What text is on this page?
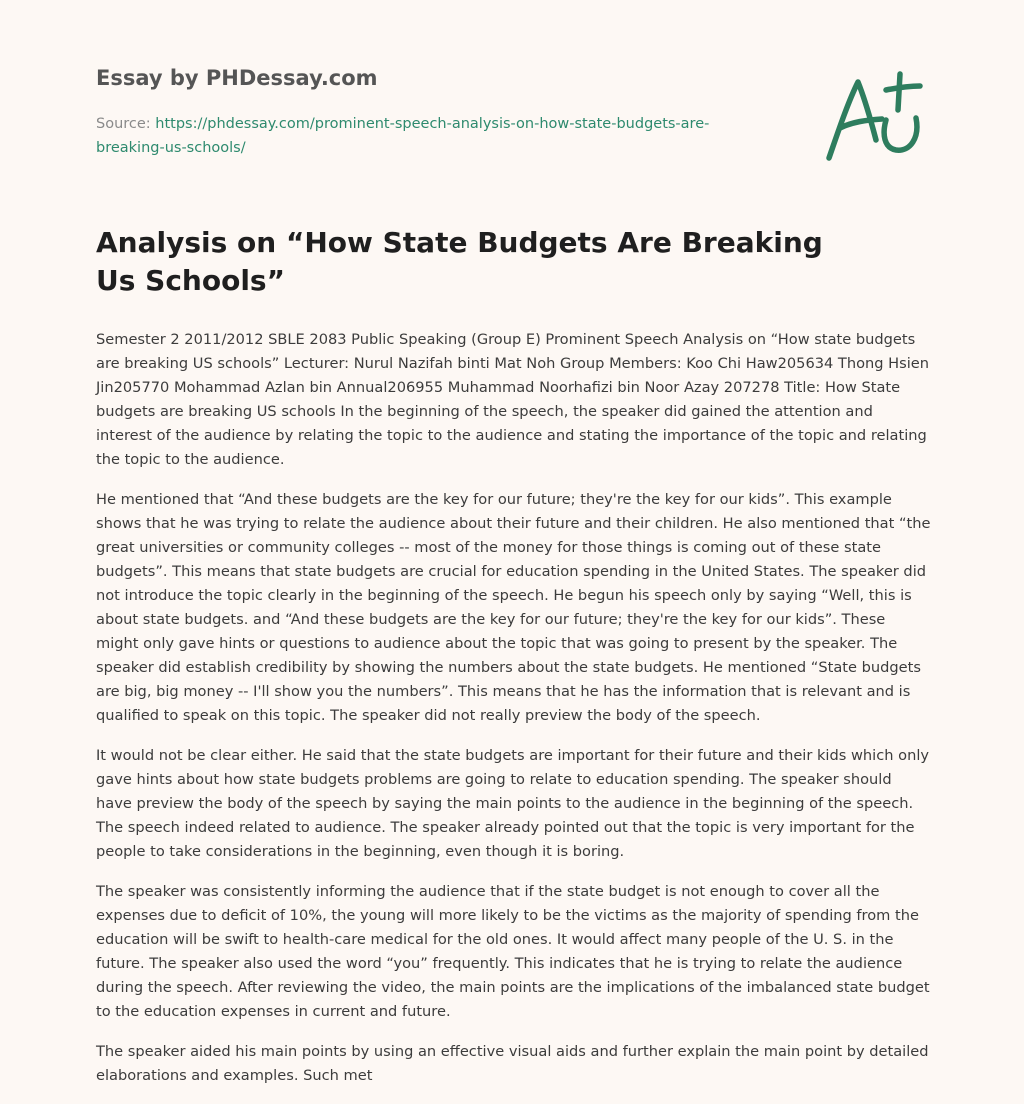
Essay by PHDessay.com
Source: https://phdessay.com/prominent-speech-analysis-on-how-state-budgets-are-breaking-us-schools/
Analysis on “How State Budgets Are Breaking Us Schools”

Semester 2 2011/2012 SBLE 2083 Public Speaking (Group E) Prominent Speech Analysis on “How state budgets are breaking US schools” Lecturer: Nurul Nazifah binti Mat Noh Group Members: Koo Chi Haw205634 Thong Hsien Jin205770 Mohammad Azlan bin Annual206955 Muhammad Noorhafizi bin Noor Azay 207278 Title: How State budgets are breaking US schools In the beginning of the speech, the speaker did gained the attention and interest of the audience by relating the topic to the audience and stating the importance of the topic and relating the topic to the audience.

He mentioned that “And these budgets are the key for our future; they're the key for our kids”. This example shows that he was trying to relate the audience about their future and their children. He also mentioned that “the great universities or community colleges -- most of the money for those things is coming out of these state budgets”. This means that state budgets are crucial for education spending in the United States. The speaker did not introduce the topic clearly in the beginning of the speech. He begun his speech only by saying “Well, this is about state budgets. and “And these budgets are the key for our future; they're the key for our kids”. These might only gave hints or questions to audience about the topic that was going to present by the speaker. The speaker did establish credibility by showing the numbers about the state budgets. He mentioned “State budgets are big, big money -- I'll show you the numbers”. This means that he has the information that is relevant and is qualified to speak on this topic. The speaker did not really preview the body of the speech.

It would not be clear either. He said that the state budgets are important for their future and their kids which only gave hints about how state budgets problems are going to relate to education spending. The speaker should have preview the body of the speech by saying the main points to the audience in the beginning of the speech. The speech indeed related to audience. The speaker already pointed out that the topic is very important for the people to take considerations in the beginning, even though it is boring.

The speaker was consistently informing the audience that if the state budget is not enough to cover all the expenses due to deficit of 10%, the young will more likely to be the victims as the majority of spending from the education will be swift to health-care medical for the old ones. It would affect many people of the U. S. in the future. The speaker also used the word “you” frequently. This indicates that he is trying to relate the audience during the speech. After reviewing the video, the main points are the implications of the imbalanced state budget to the education expenses in current and future.

The speaker aided his main points by using an effective visual aids and further explain the main point by detailed elaborations and examples. Such met
